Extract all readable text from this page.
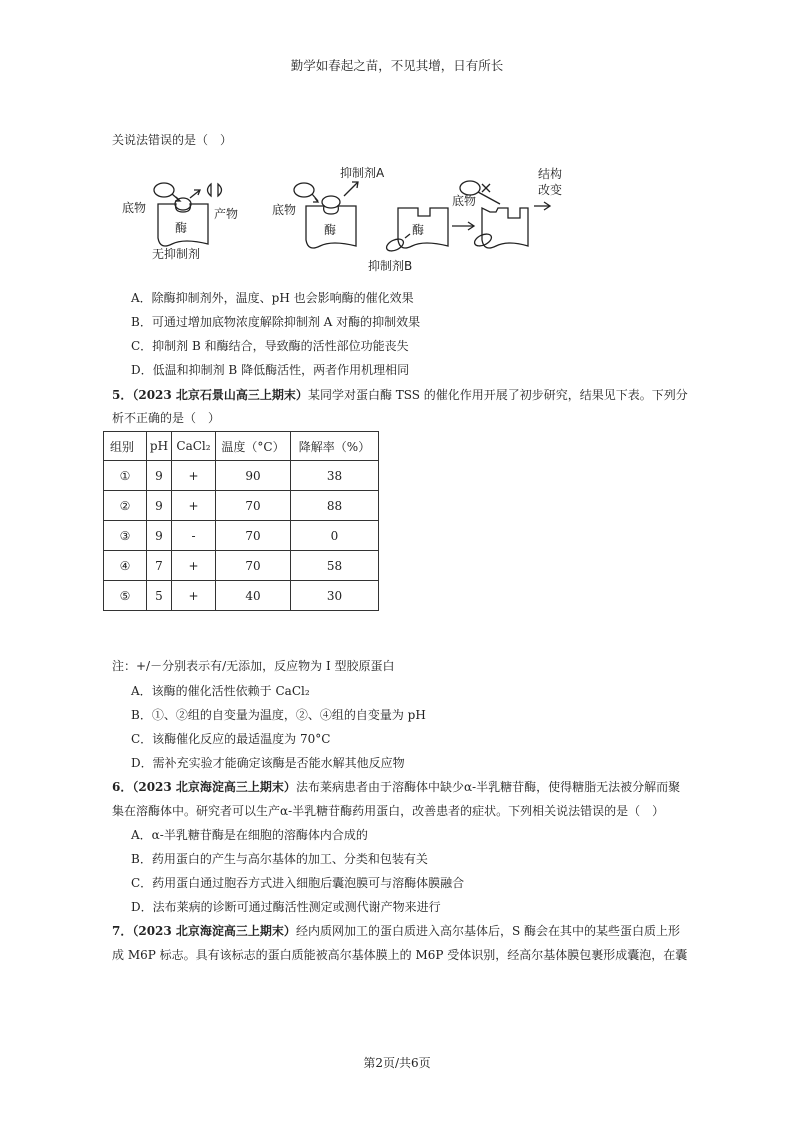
勤学如春起之苗，不见其增，日有所长
关说法错误的是（　）
底物	产物
酶
无抑制剂
底物
抑制剂A
酶
抑制剂B
酶
底物
结构
改变
A．除酶抑制剂外，温度、pH 也会影响酶的催化效果
B．可通过增加底物浓度解除抑制剂 A 对酶的抑制效果
C．抑制剂 B 和酶结合，导致酶的活性部位功能丧失
D．低温和抑制剂 B 降低酶活性，两者作用机理相同
5．（2023 北京石景山高三上期末）某同学对蛋白酶 TSS 的催化作用开展了初步研究，结果见下表。下列分
析不正确的是（　）
组别	pH	CaCl₂	温度（°C）	降解率（%）
①	9	+	90	38
②	9	+	70	88
③	9	-	70	0
④	7	+	70	58
⑤	5	+	40	30
注：+/－分别表示有/无添加，反应物为 I 型胶原蛋白
A．该酶的催化活性依赖于 CaCl₂
B．①、②组的自变量为温度，②、④组的自变量为 pH
C．该酶催化反应的最适温度为 70°C
D．需补充实验才能确定该酶是否能水解其他反应物
6．（2023 北京海淀高三上期末）法布莱病患者由于溶酶体中缺少α-半乳糖苷酶，使得糖脂无法被分解而聚
集在溶酶体中。研究者可以生产α-半乳糖苷酶药用蛋白，改善患者的症状。下列相关说法错误的是（　）
A．α-半乳糖苷酶是在细胞的溶酶体内合成的
B．药用蛋白的产生与高尔基体的加工、分类和包装有关
C．药用蛋白通过胞吞方式进入细胞后囊泡膜可与溶酶体膜融合
D．法布莱病的诊断可通过酶活性测定或测代谢产物来进行
7．（2023 北京海淀高三上期末）经内质网加工的蛋白质进入高尔基体后，S 酶会在其中的某些蛋白质上形
成 M6P 标志。具有该标志的蛋白质能被高尔基体膜上的 M6P 受体识别，经高尔基体膜包裹形成囊泡，在囊
第2页/共6页
